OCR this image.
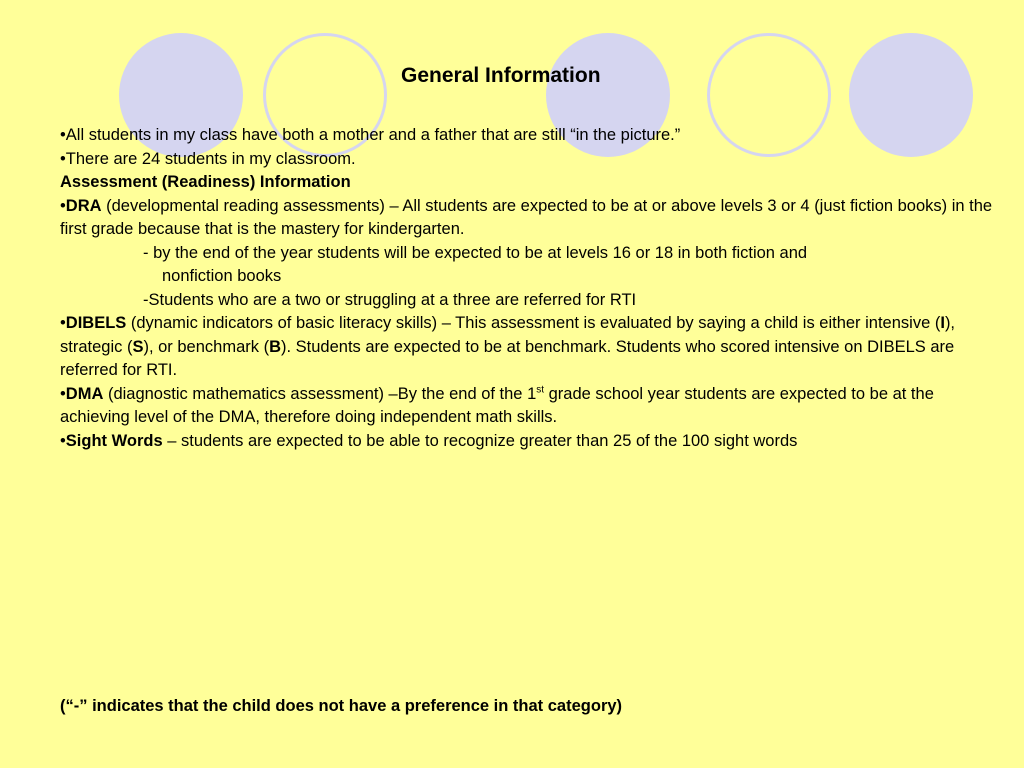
General Information

•All students in my class have both a mother and a father that are still “in the picture.”

•There are 24 students in my classroom.

Assessment (Readiness) Information

•DRA (developmental reading assessments) – All students are expected to be at or above levels 3 or 4 (just fiction books) in the first grade because that is the mastery for kindergarten.

- by the end of the year students will be expected to be at levels 16 or 18 in both fiction and

nonfiction books

-Students who are a two or struggling at a three are referred for RTI

•DIBELS (dynamic indicators of basic literacy skills) – This assessment is evaluated by saying a child is either intensive (I), strategic (S), or benchmark (B). Students are expected to be at benchmark. Students who scored intensive on DIBELS are referred for RTI.

•DMA (diagnostic mathematics assessment) –By the end of the 1st grade school year students are expected to be at the achieving level of the DMA, therefore doing independent math skills.

•Sight Words – students are expected to be able to recognize greater than 25 of the 100 sight words

(“-” indicates that the child does not have a preference in that category)
